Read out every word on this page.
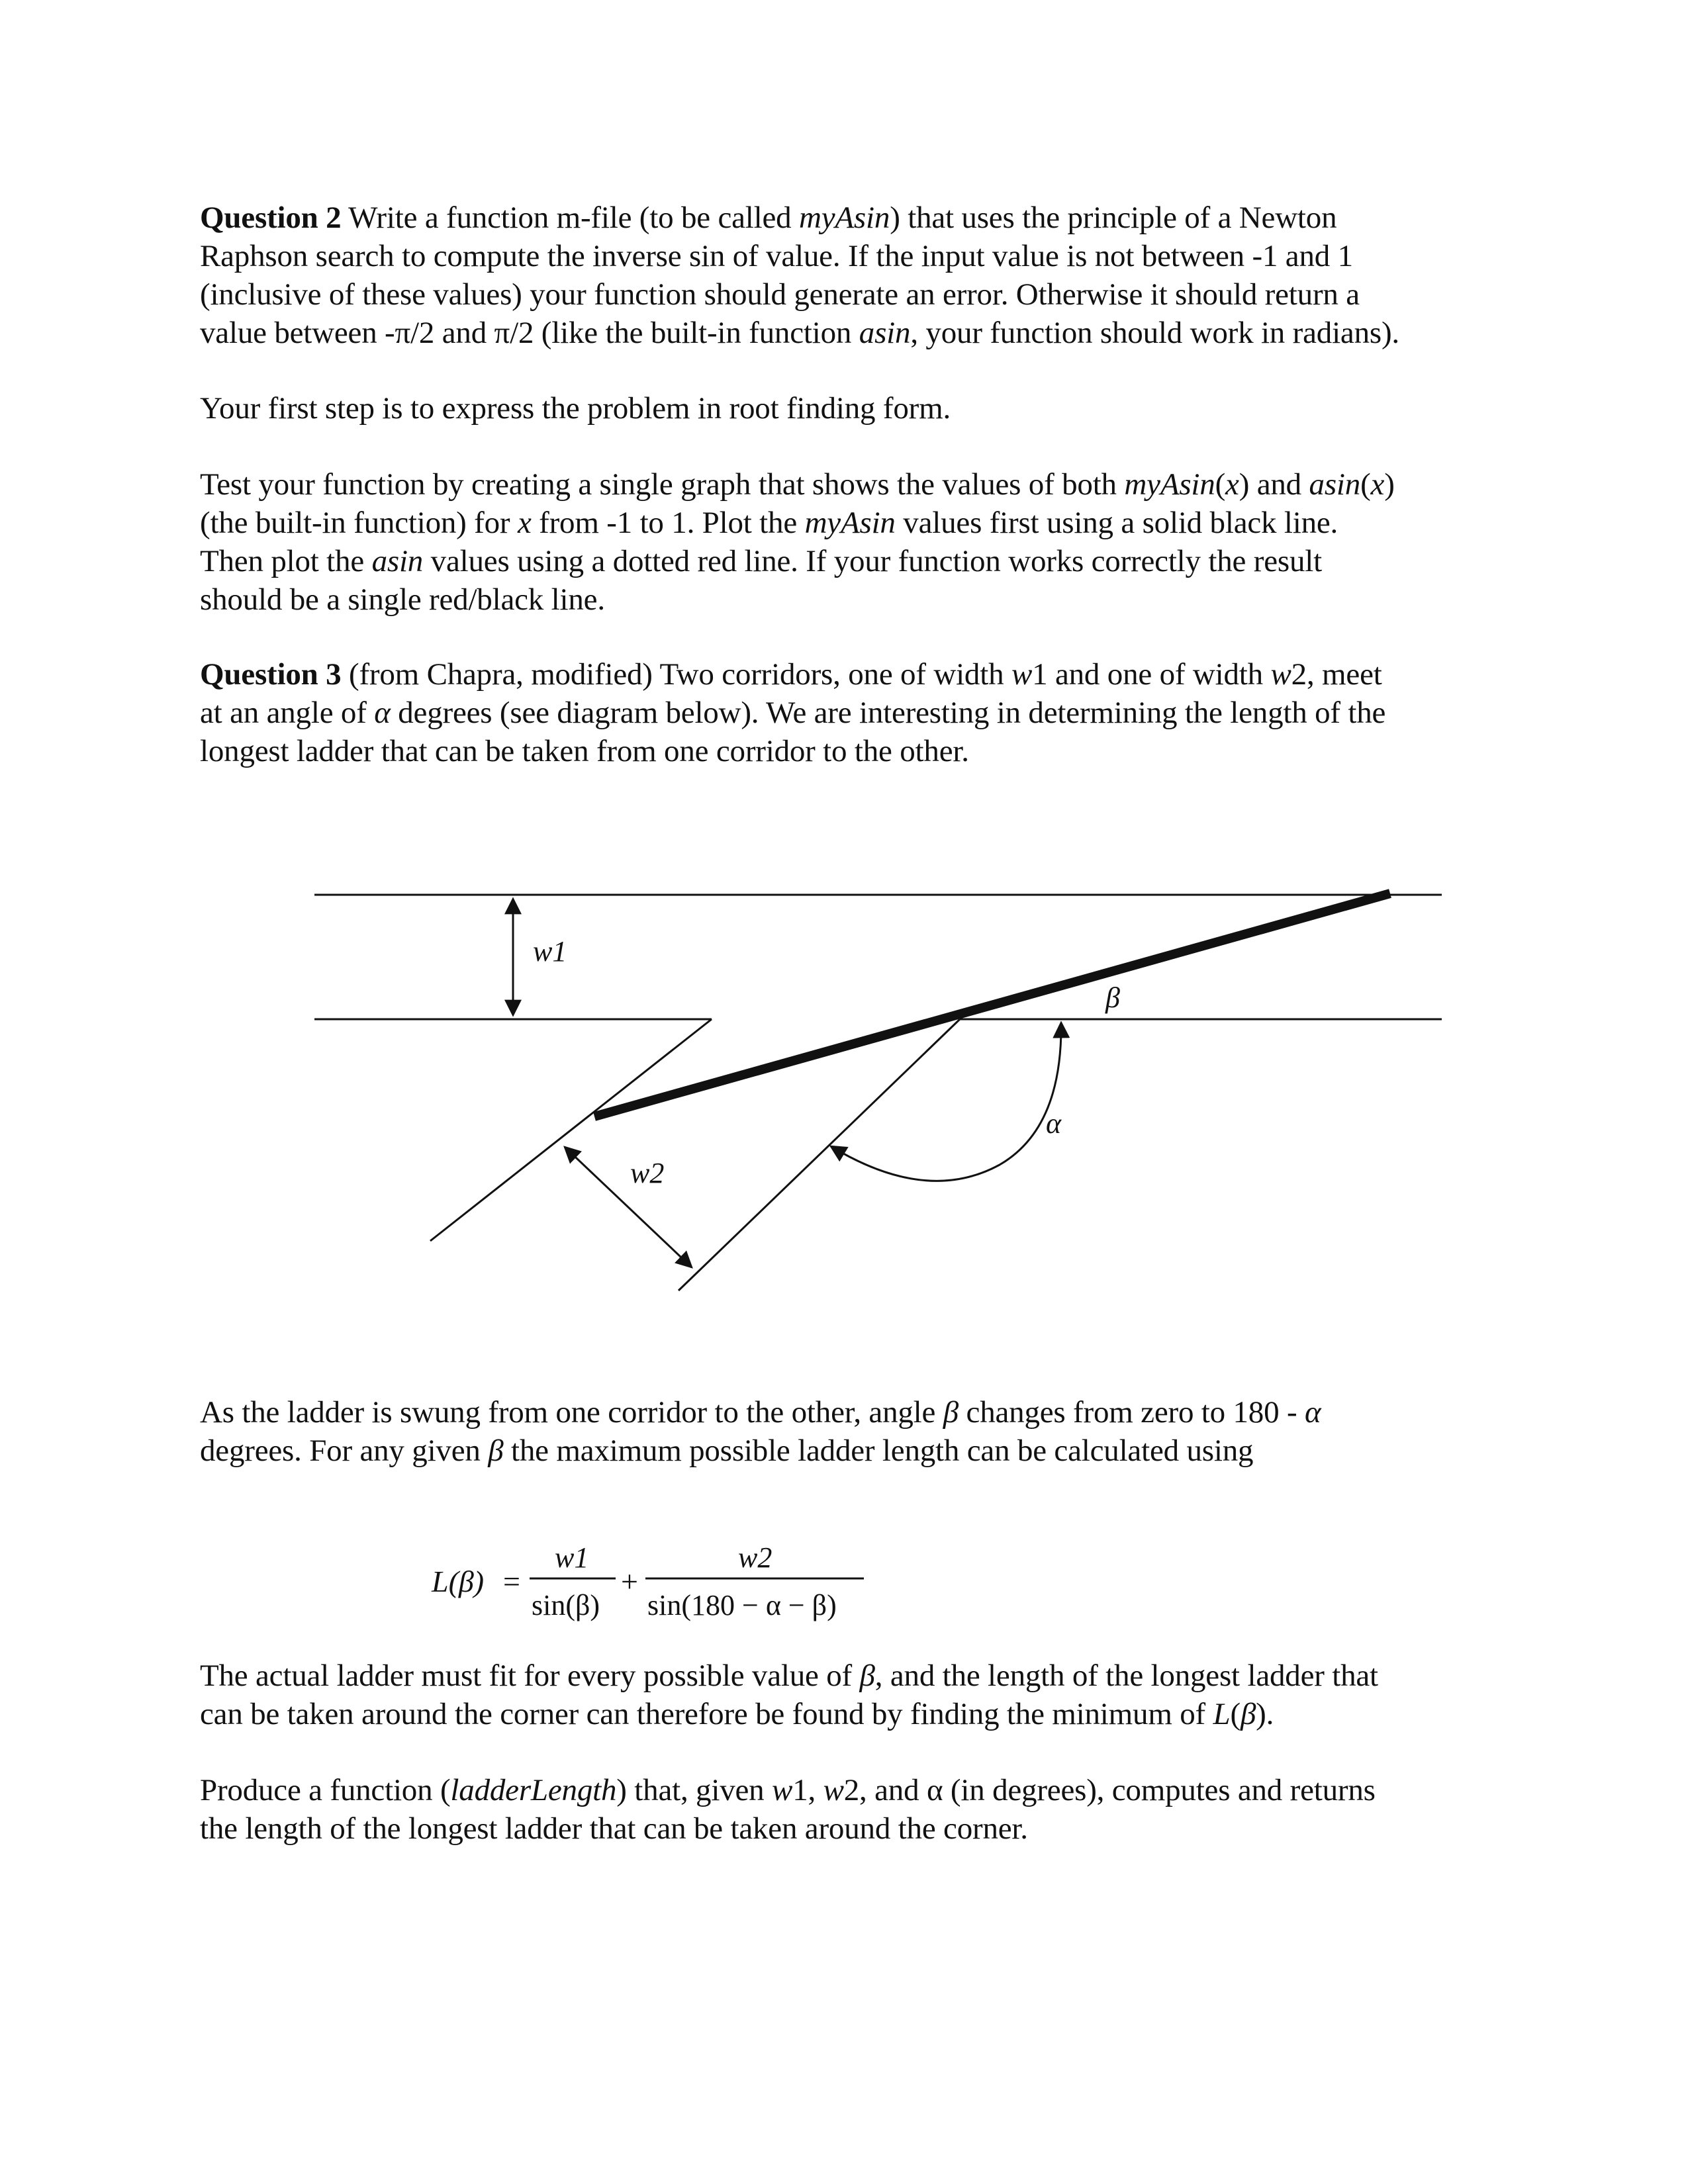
Question 2 Write a function m-file (to be called myAsin) that uses the principle of a Newton
Raphson search to compute the inverse sin of value. If the input value is not between -1 and 1
(inclusive of these values) your function should generate an error. Otherwise it should return a
value between -π/2 and π/2 (like the built-in function asin, your function should work in radians).

Your first step is to express the problem in root finding form.

Test your function by creating a single graph that shows the values of both myAsin(x) and asin(x)
(the built-in function) for x from -1 to 1. Plot the myAsin values first using a solid black line.
Then plot the asin values using a dotted red line. If your function works correctly the result
should be a single red/black line.

Question 3 (from Chapra, modified) Two corridors, one of width w1 and one of width w2, meet
at an angle of α degrees (see diagram below). We are interesting in determining the length of the
longest ladder that can be taken from one corridor to the other.

w1
w2
α
β

As the ladder is swung from one corridor to the other, angle β changes from zero to 180 - α
degrees. For any given β the maximum possible ladder length can be calculated using

L(β) =
w1
sin(β)
+
w2
sin(180 − α − β)

The actual ladder must fit for every possible value of β, and the length of the longest ladder that
can be taken around the corner can therefore be found by finding the minimum of L(β).

Produce a function (ladderLength) that, given w1, w2, and α (in degrees), computes and returns
the length of the longest ladder that can be taken around the corner.
